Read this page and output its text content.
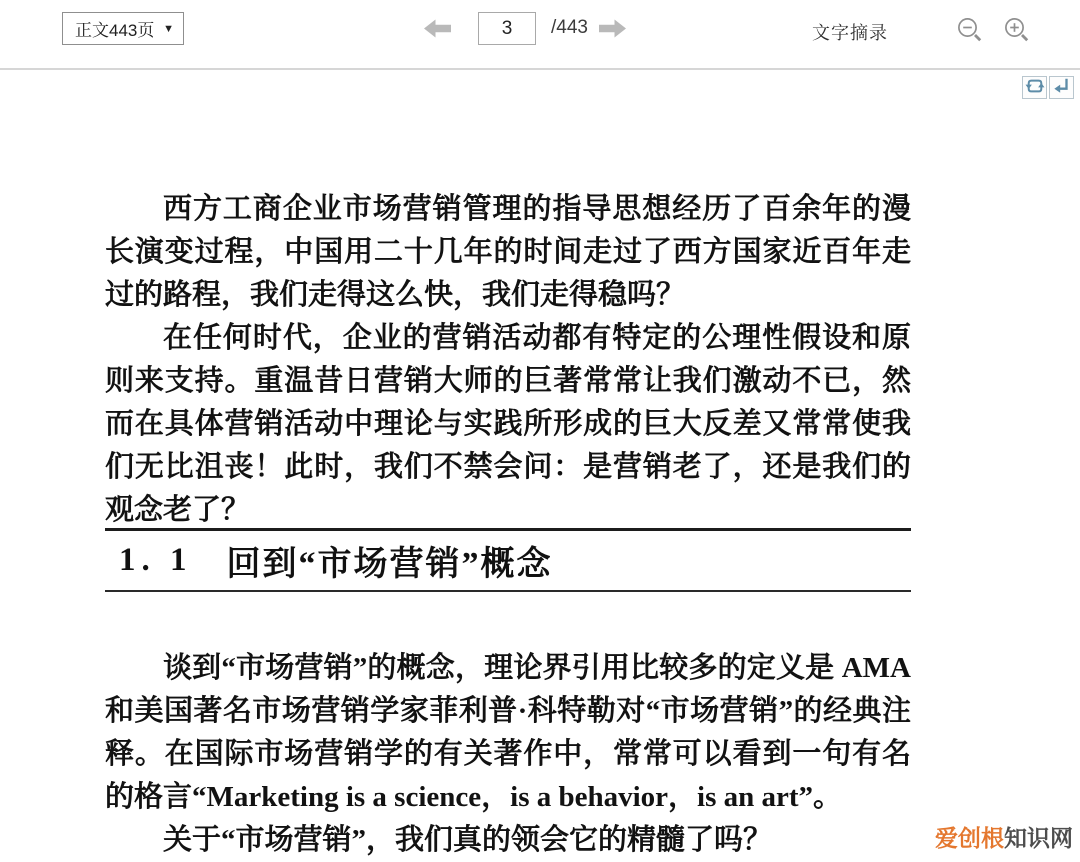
正文443页 ▼
3	/443	文字摘录

西方工商企业市场营销管理的指导思想经历了百余年的漫长演变过程，中国用二十几年的时间走过了西方国家近百年走过的路程，我们走得这么快，我们走得稳吗？

在任何时代，企业的营销活动都有特定的公理性假设和原则来支持。重温昔日营销大师的巨著常常让我们激动不已，然而在具体营销活动中理论与实践所形成的巨大反差又常常使我们无比沮丧！此时，我们不禁会问：是营销老了，还是我们的观念老了？

1. 1 回到“市场营销”概念

谈到“市场营销”的概念，理论界引用比较多的定义是 AMA 和美国著名市场营销学家菲利普·科特勒对“市场营销”的经典注释。在国际市场营销学的有关著作中，常常可以看到一句有名的格言“Marketing is a science，is a behavior，is an art”。

关于“市场营销”，我们真的领会它的精髓了吗？	爱创根知识网
